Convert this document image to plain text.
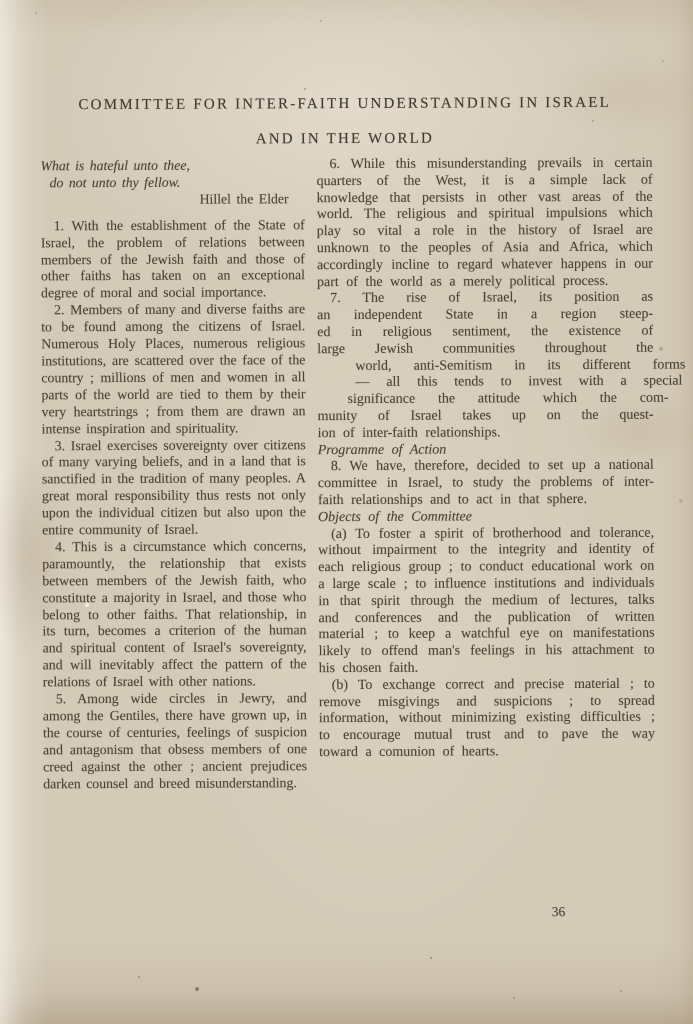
COMMITTEE FOR INTER-FAITH UNDERSTANDING IN ISRAEL
AND IN THE WORLD
What is hateful unto thee,
do not unto thy fellow.
Hillel the Elder

1. With the establishment of the State of Israel, the problem of relations between members of the Jewish faith and those of other faiths has taken on an exceptional degree of moral and social importance.

2. Members of many and diverse faiths are to be found among the citizens of Israel. Numerous Holy Places, numerous religious institutions, are scattered over the face of the country ; millions of men and women in all parts of the world are tied to them by their very heartstrings ; from them are drawn an intense inspiration and spirituality.

3. Israel exercises sovereignty over citizens of many varying beliefs, and in a land that is sanctified in the tradition of many peoples. A great moral responsibility thus rests not only upon the individual citizen but also upon the entire community of Israel.

4. This is a circumstance which concerns, paramountly, the relationship that exists between members of the Jewish faith, who constitute a majority in Israel, and those who belong to other faiths. That relationship, in its turn, becomes a criterion of the human and spiritual content of Israel's sovereignty, and will inevitably affect the pattern of the relations of Israel with other nations.

5. Among wide circles in Jewry, and among the Gentiles, there have grown up, in the course of centuries, feelings of suspicion and antagonism that obsess members of one creed against the other ; ancient prejudices darken counsel and breed misunderstanding.

6. While this misunderstanding prevails in certain quarters of the West, it is a simple lack of knowledge that persists in other vast areas of the world. The religious and spiritual impulsions which play so vital a role in the history of Israel are unknown to the peoples of Asia and Africa, which accordingly incline to regard whatever happens in our part of the world as a merely political process.

7. The rise of Israel, its position as
an independent State in a region steep-
ed in religious sentiment, the existence of
large Jewish communities throughout the
world, anti-Semitism in its different forms
— all this tends to invest with a special
significance the attitude which the com-
munity of Israel takes up on the quest-
ion of inter-faith relationships.

Programme of Action

8. We have, therefore, decided to set up a national committee in Israel, to study the problems of inter-faith relationships and to act in that sphere.

Objects of the Committee

(a) To foster a spirit of brotherhood and tolerance, without impairment to the integrity and identity of each religious group ; to conduct educational work on a large scale ; to influence institutions and individuals in that spirit through the medium of lectures, talks and conferences and the publication of written material ; to keep a watchful eye on manifestations likely to offend man's feelings in his attachment to his chosen faith.

(b) To exchange correct and precise material ; to remove misgivings and suspicions ; to spread information, without minimizing existing difficulties ; to encourage mutual trust and to pave the way toward a comunion of hearts.

36
